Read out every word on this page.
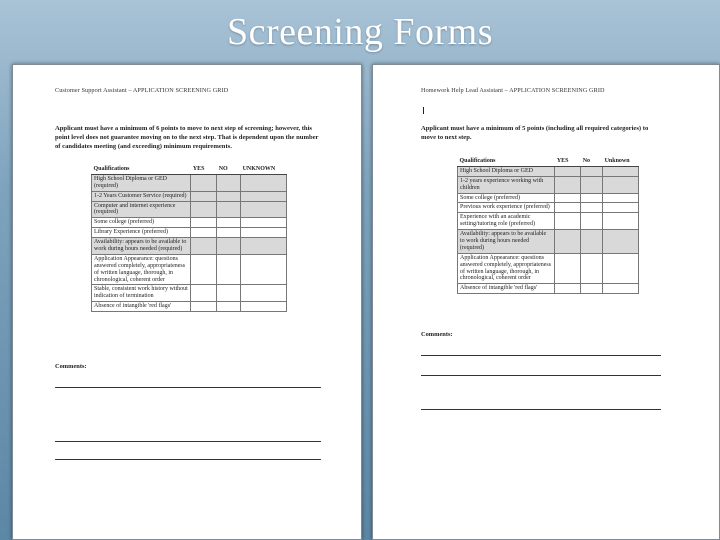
Screening Forms
Customer Support Assistant – APPLICATION SCREENING GRID
Applicant must have a minimum of 6 points to move to next step of screening; however, this point level does not guarantee moving on to the next step. That is dependent upon the number of candidates meeting (and exceeding) minimum requirements.
Qualifications	YES	NO	UNKNOWN
High School Diploma or GED (required)			
1-2 Years Customer Service (required)			
Computer and internet experience (required)			
Some college (preferred)			
Library Experience (preferred)			
Availability: appears to be available to work during hours needed (required)			
Application Appearance: questions answered completely, appropriateness of written language, thorough, in chronological, coherent order			
Stable, consistent work history without indication of termination			
Absence of intangible 'red flags'			
Comments:
Homework Help Lead Assistant – APPLICATION SCREENING GRID
Applicant must have a minimum of 5 points (including all required categories) to move to next step.
Qualifications	YES	No	Unknown
High School Diploma or GED			
1-2 years experience working with children			
Some college (preferred)			
Previous work experience (preferred)			
Experience with an academic setting/tutoring role (preferred)			
Availability: appears to be available to work during hours needed (required)			
Application Appearance: questions answered completely, appropriateness of written language, thorough, in chronological, coherent order			
Absence of intangible 'red flags'			
Comments:
